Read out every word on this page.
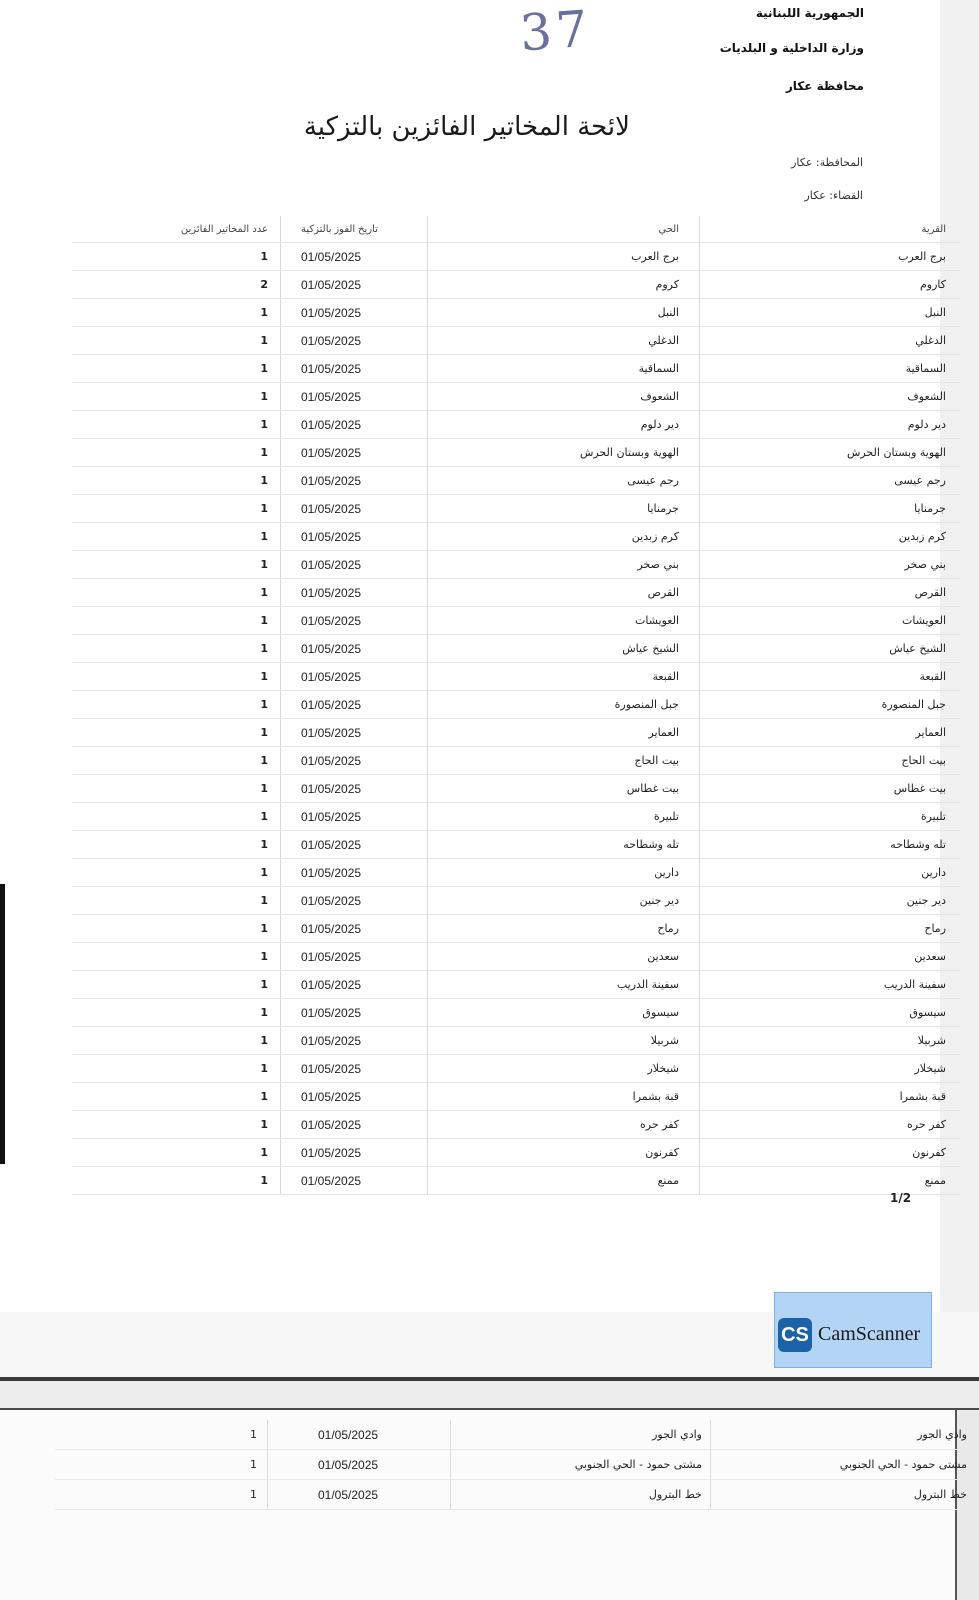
الجمهورية اللبنانية
وزارة الداخلية و البلديات
محافظة عكار
37
لائحة المخاتير الفائزين بالتزكية
المحافظة: عكار
القضاء: عكار
عدد المخاتير الفائزين	تاريخ الفوز بالتزكية	الحي	القرية
1	01/05/2025	برج العرب	برج العرب
2	01/05/2025	كروم	كاروم
1	01/05/2025	النبل	النبل
1	01/05/2025	الدغلي	الدغلي
1	01/05/2025	السماقية	السماقية
1	01/05/2025	الشعوف	الشعوف
1	01/05/2025	دير دلوم	دير دلوم
1	01/05/2025	الهوية وبستان الحرش	الهوية وبستان الحرش
1	01/05/2025	رجم عيسى	رجم عيسى
1	01/05/2025	جرمنايا	جرمنايا
1	01/05/2025	كرم زبدين	كرم زبدين
1	01/05/2025	بني صخر	بني صخر
1	01/05/2025	القرص	القرص
1	01/05/2025	العويشات	العويشات
1	01/05/2025	الشيخ عياش	الشيخ عياش
1	01/05/2025	القبعة	القبعة
1	01/05/2025	جبل المنصورة	جبل المنصورة
1	01/05/2025	العماير	العماير
1	01/05/2025	بيت الحاج	بيت الحاج
1	01/05/2025	بيت غطاس	بيت غطاس
1	01/05/2025	تلبيرة	تلبيرة
1	01/05/2025	تله وشطاحه	تله وشطاحه
1	01/05/2025	دارين	دارين
1	01/05/2025	دير جنين	دير جنين
1	01/05/2025	رماح	رماح
1	01/05/2025	سعدين	سعدين
1	01/05/2025	سفينة الدريب	سفينة الدريب
1	01/05/2025	سيسوق	سيسوق
1	01/05/2025	شربيلا	شربيلا
1	01/05/2025	شيخلار	شيخلار
1	01/05/2025	قبة بشمرا	قبة بشمرا
1	01/05/2025	كفر حره	كفر حره
1	01/05/2025	كفرنون	كفرنون
1	01/05/2025	ممنع	ممنع
1/2
CS CamScanner
1	01/05/2025	وادي الجور	وادي الجور
1	01/05/2025	مشتى حمود - الحي الجنوبي	مشتى حمود - الحي الجنوبي
1	01/05/2025	خط البترول	خط البترول
